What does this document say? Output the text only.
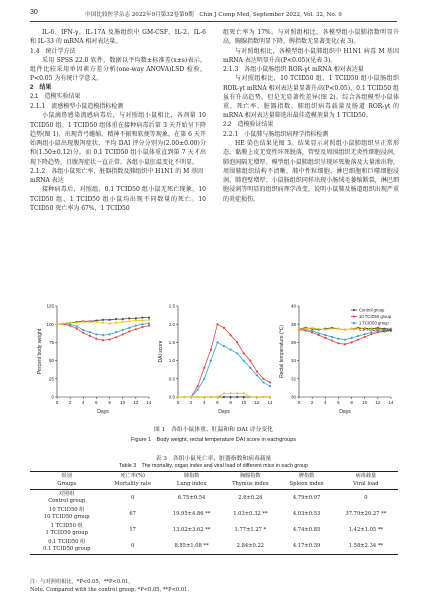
30	中国比较医学杂志 2022年9月第32卷第9期　Chin J Comp Med, September 2022, Vol. 32, No. 9
IL-6、IFN-γ、IL-17A 及肠组织中 GM-CSF、IL-2、IL-6 和 IL-33 的 mRNA 相对表达量。
1.4　统计学方法
采用 SPSS 22.0 软件，数据以平均数±标准差(x±s)表示，组件比较采用单因素方差分析(one-way ANOVA)LSD 检验，P<0.05 为有统计学意义。
2　结果
2.1　造模实验结果
2.1.1　流感模型小鼠造模指标检测
小鼠滴鼻感染流感病毒后，与对照组小鼠相比，各剂量 10 TCID50 组、1 TCID50 组体重在接种病毒后第 3 天开始呈下降趋势(图 1)，出现背弓蜷缩、精神不振和软便等现象，在第 6 天开始两组小鼠出现腹泻症状，平均 DAI 评分分别为(2.00±0.00)分和(1.50±0.12)分。而 0.1 TCID50 组小鼠体重直到第 7 天才出现下降趋势，且腹泻症状一直正常。各组小鼠肛温变化不明显。
2.1.2　各组小鼠死亡率、脏器指数及肺组织中 H1N1 的 M 基因 mRNA 表达
接种病毒后，对照组、0.1 TCID50 组小鼠无死亡现象，10 TCID50 组、1 TCID50 组小鼠均出现不同数量的死亡。10 TCID50 死亡率为 67%，1 TCID50
组死亡率为 17%。与对照组相比，各模型组小鼠肺指数明显升高，胸腺指数明显下降，脾指数无显著变化(表 3)。
与对照组相比，各模型组小鼠肺组织中 H1N1 病毒 M 基因 mRNA 表达明显升高(P<0.05)(见表 3)。
2.1.3　各组小鼠肠组织 ROR-γt mRNA 相对表达量
与对照组相比，10 TCID50 组、1 TCID50 组小鼠肠组织 ROR-γt mRNA 相对表达量显著升高(P<0.05)，0.1 TCID50 组虽有升高趋势，但是无显著性差异(图 2)。综合各组模型小鼠体重、死亡率、脏器指数、肺组织病毒载量及肠道 ROR-γt 的 mRNA 相对表达量筛选出最佳造模剂量为 1 TCID50。
2.2　造模验证结果
2.2.1　小鼠肺与肠组织病理学指标检测
HE 染色结果见图 3。结果显示对照组小鼠肺组织呈正常形态，黏膜上皮无变性坏死脱落，管壁及周围组织无炎性细胞浸润，肺泡间隔无增厚。模型组小鼠肺组织呈现坏死脱落及大量渗出物，周围肺组织结构不清晰，肺中性粒细胞、淋巴细胞和巨噬细胞浸润，肺泡壁增厚；小鼠肠组织同样出现小肠绒毛萎缩断裂，淋巴细胞浸润等明显的组织病理学改变，说明小鼠肺及肠道组织出现严重的炎症损伤。
0
25
50
75
100
125
0 2 4 6 8 10 12 14
Days
Percent body weight
0.0
0.5
1.0
1.5
2.0
2.5
0 2 4 6 8 10 12 14
Days
DAI score
30
32
34
36
38
40
0 2 4 6 8 10 12 14
Days
Rectal temperature (℃)
Control group
10 TCID50 group
1 TCID50 group
0.1 TCID50 group
图 1　各组小鼠体重、肛温和和 DAI 评分变化
Figure 1　Body weight, rectal temperature DAI score in eachgroups
表 3　各组小鼠死亡率、脏器指数和病毒载量
Table 3　The mortality, organ index and viral load of different mice in each group
组别
Groups	死亡率(%)
Mortality rate	肺指数
Lung index	胸腺指数
Thymus index	脾指数
Spleen index	病毒载量
Viral load
对照组
Control group	0	6.75±0.54	2.6±0.24	4.79±0.97	0
10 TCID50 组
10 TCID50 group	67	19.95±4.86 **	1.03±0.32 **	4.03±0.53	37.79±20.27 **
1 TCID50 组
1 TCID50 group	17	13.02±3.62 **	1.77±1.27 *	4.74±0.85	1.42±1.05 **
0.1 TCID50 组
0.1 TCID50 group	0	8.85±1.08 **	2.84±0.22	4.17±0.59	1.58±2.34 **
注：与对照组相比，*P<0.05，**P<0.01。
Note. Compared with the control group, *P<0.05, **P<0.01.
